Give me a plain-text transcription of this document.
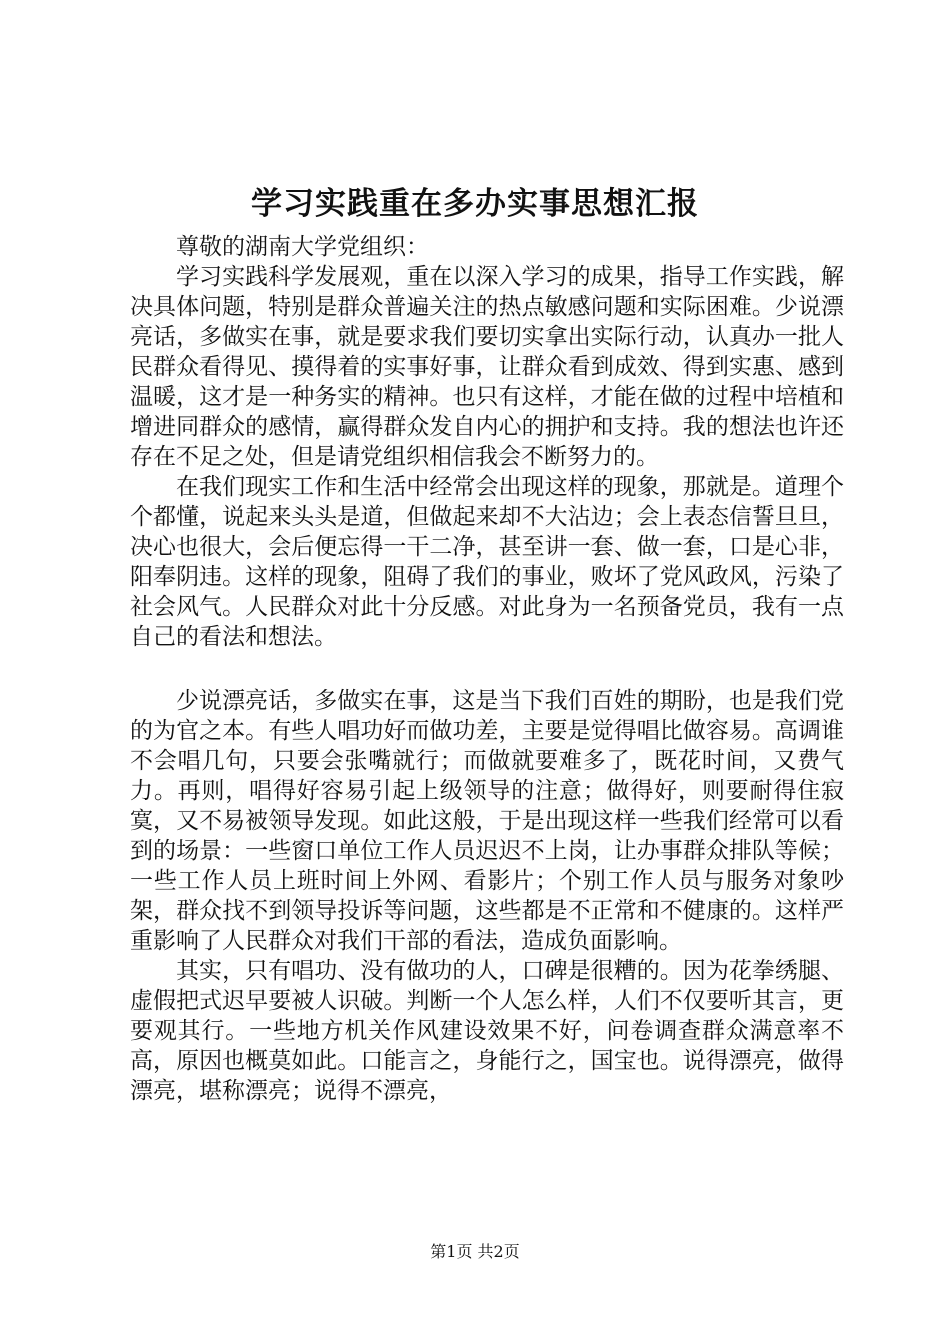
学习实践重在多办实事思想汇报

尊敬的湖南大学党组织：

学习实践科学发展观，重在以深入学习的成果，指导工作实践，解决具体问题，特别是群众普遍关注的热点敏感问题和实际困难。少说漂亮话，多做实在事，就是要求我们要切实拿出实际行动，认真办一批人民群众看得见、摸得着的实事好事，让群众看到成效、得到实惠、感到温暖，这才是一种务实的精神。也只有这样，才能在做的过程中培植和增进同群众的感情，赢得群众发自内心的拥护和支持。我的想法也许还存在不足之处，但是请党组织相信我会不断努力的。

在我们现实工作和生活中经常会出现这样的现象，那就是。道理个个都懂，说起来头头是道，但做起来却不大沾边；会上表态信誓旦旦，决心也很大，会后便忘得一干二净，甚至讲一套、做一套，口是心非，阳奉阴违。这样的现象，阻碍了我们的事业，败坏了党风政风，污染了社会风气。人民群众对此十分反感。对此身为一名预备党员，我有一点自己的看法和想法。

少说漂亮话，多做实在事，这是当下我们百姓的期盼，也是我们党的为官之本。有些人唱功好而做功差，主要是觉得唱比做容易。高调谁不会唱几句，只要会张嘴就行；而做就要难多了，既花时间，又费气力。再则，唱得好容易引起上级领导的注意；做得好，则要耐得住寂寞，又不易被领导发现。如此这般，于是出现这样一些我们经常可以看到的场景：一些窗口单位工作人员迟迟不上岗，让办事群众排队等候；一些工作人员上班时间上外网、看影片；个别工作人员与服务对象吵架，群众找不到领导投诉等问题，这些都是不正常和不健康的。这样严重影响了人民群众对我们干部的看法，造成负面影响。

其实，只有唱功、没有做功的人，口碑是很糟的。因为花拳绣腿、虚假把式迟早要被人识破。判断一个人怎么样，人们不仅要听其言，更要观其行。一些地方机关作风建设效果不好，问卷调查群众满意率不高，原因也概莫如此。口能言之，身能行之，国宝也。说得漂亮，做得漂亮，堪称漂亮；说得不漂亮，

第1页 共2页
